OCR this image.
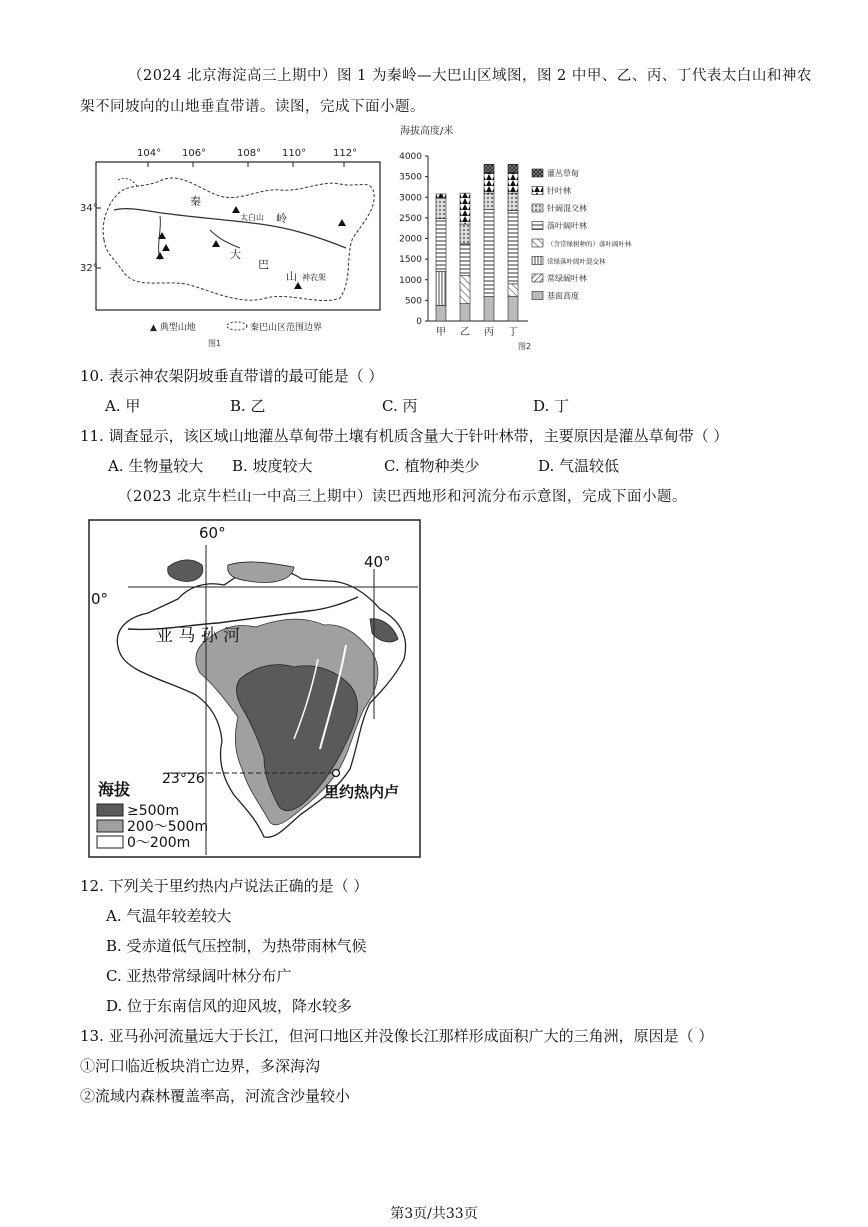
（2024 北京海淀高三上期中）图 1 为秦岭—大巴山区域图，图 2 中甲、乙、丙、丁代表太白山和神农
架不同坡向的山地垂直带谱。读图，完成下面小题。
104° 106°	108° 110°	112°
34°
32°
秦
岭
太白山
大
巴
山 神农架
▲ 典型山地	秦巴山区范围边界
图1
海拔高度/米
0
500
1000
1500
2000
2500
3000
3500
4000
甲 乙 丙 丁
灌丛草甸
针叶林
针阔混交林
落叶阔叶林
（含常绿树种的）落叶阔叶林
常绿落叶阔叶混交林
常绿阔叶林
基面高度
图2
10. 表示神农架阴坡垂直带谱的最可能是（ ）
A. 甲	B. 乙	C. 丙	D. 丁
11. 调查显示，该区域山地灌丛草甸带土壤有机质含量大于针叶林带，主要原因是灌丛草甸带（ ）
A. 生物量较大 B. 坡度较大	C. 植物种类少	D. 气温较低
（2023 北京牛栏山一中高三上期中）读巴西地形和河流分布示意图，完成下面小题。
60°
40°
0°
23°26′
亚 马 孙 河
里约热内卢
海拔
≥500m
200～500m
0～200m
12. 下列关于里约热内卢说法正确的是（ ）
A. 气温年较差较大
B. 受赤道低气压控制，为热带雨林气候
C. 亚热带常绿阔叶林分布广
D. 位于东南信风的迎风坡，降水较多
13. 亚马孙河流量远大于长江，但河口地区并没像长江那样形成面积广大的三角洲，原因是（ ）
①河口临近板块消亡边界，多深海沟
②流域内森林覆盖率高，河流含沙量较小
第3页/共33页
